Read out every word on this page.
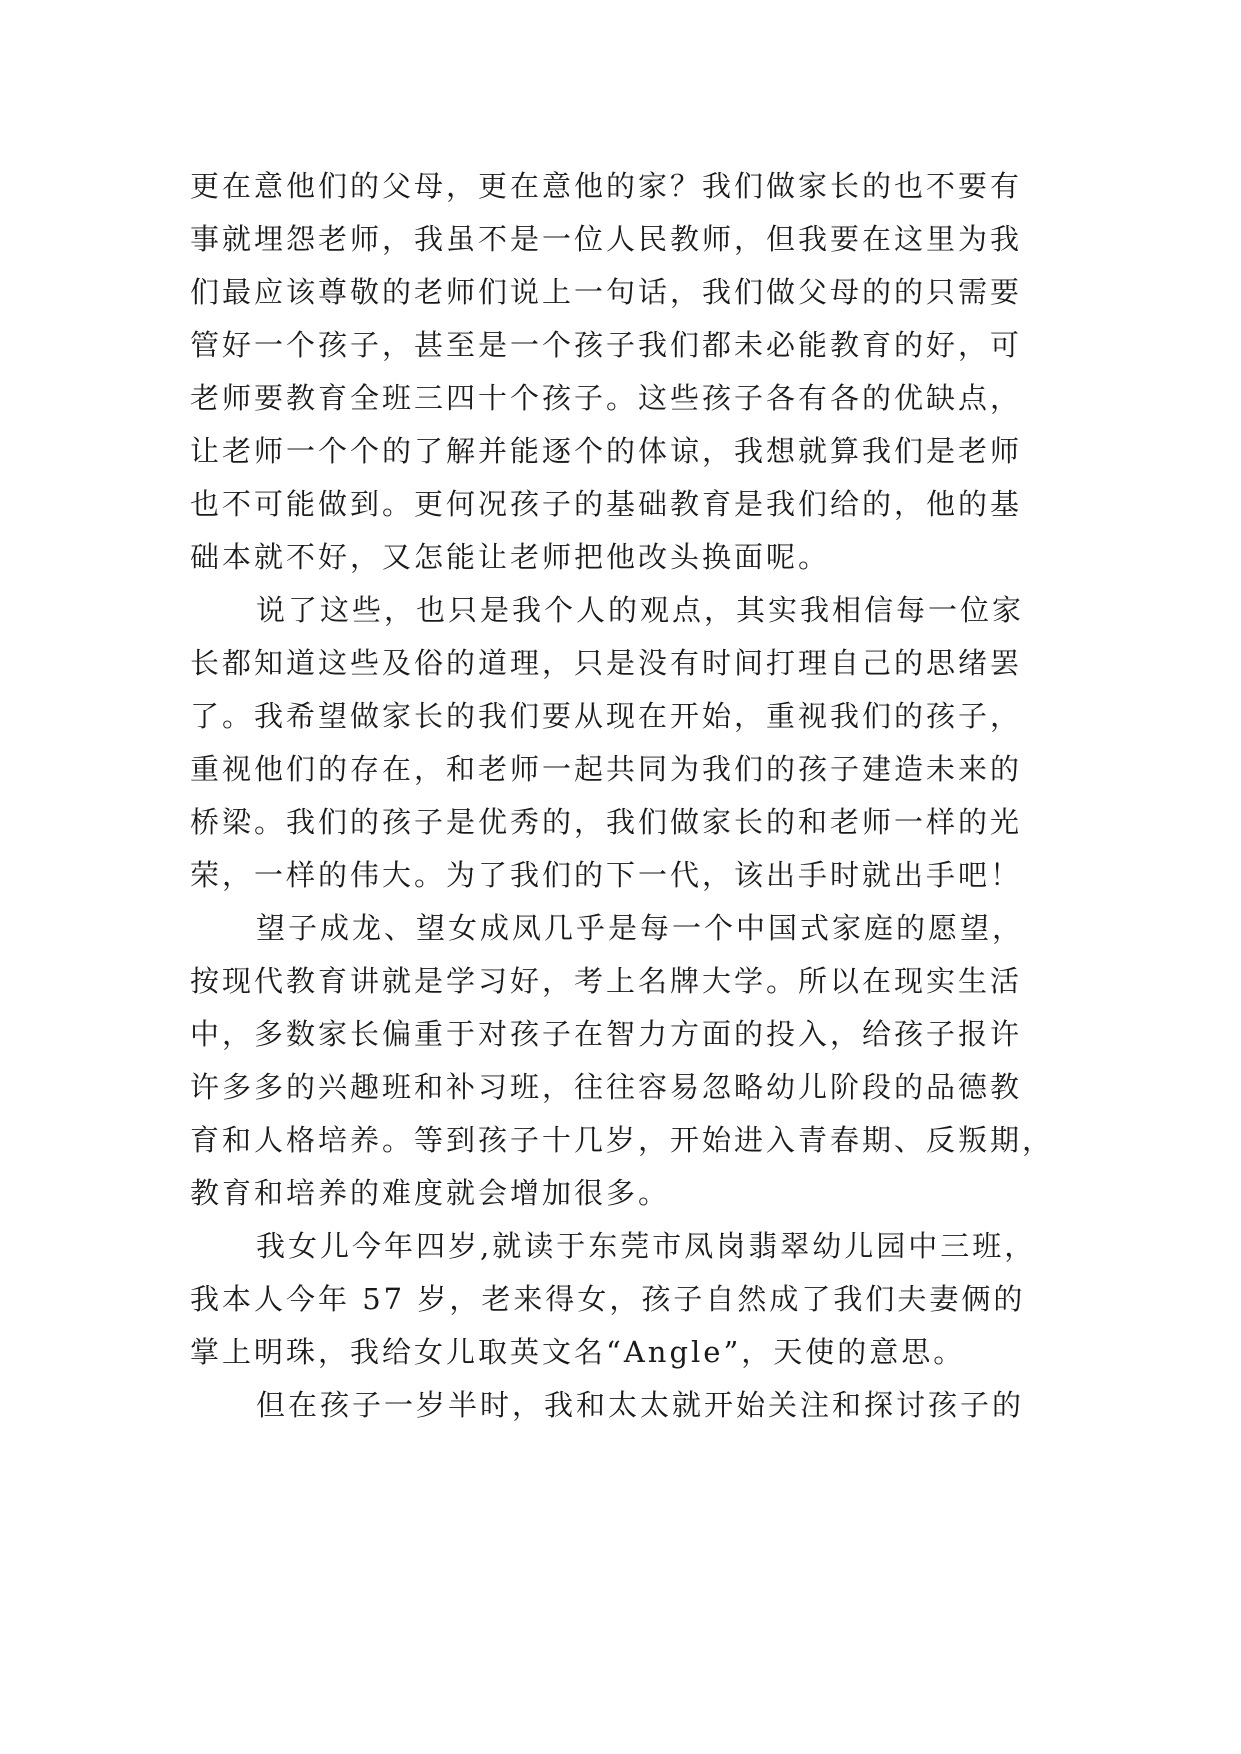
更在意他们的父母，更在意他的家？我们做家长的也不要有
事就埋怨老师，我虽不是一位人民教师，但我要在这里为我
们最应该尊敬的老师们说上一句话，我们做父母的的只需要
管好一个孩子，甚至是一个孩子我们都未必能教育的好，可
老师要教育全班三四十个孩子。这些孩子各有各的优缺点，
让老师一个个的了解并能逐个的体谅，我想就算我们是老师
也不可能做到。更何况孩子的基础教育是我们给的，他的基
础本就不好，又怎能让老师把他改头换面呢。
说了这些，也只是我个人的观点，其实我相信每一位家
长都知道这些及俗的道理，只是没有时间打理自己的思绪罢
了。我希望做家长的我们要从现在开始，重视我们的孩子，
重视他们的存在，和老师一起共同为我们的孩子建造未来的
桥梁。我们的孩子是优秀的，我们做家长的和老师一样的光
荣，一样的伟大。为了我们的下一代，该出手时就出手吧！
望子成龙、望女成凤几乎是每一个中国式家庭的愿望，
按现代教育讲就是学习好，考上名牌大学。所以在现实生活
中，多数家长偏重于对孩子在智力方面的投入，给孩子报许
许多多的兴趣班和补习班，往往容易忽略幼儿阶段的品德教
育和人格培养。等到孩子十几岁，开始进入青春期、反叛期，
教育和培养的难度就会增加很多。
我女儿今年四岁,就读于东莞市凤岗翡翠幼儿园中三班，
我本人今年 57 岁，老来得女，孩子自然成了我们夫妻俩的
掌上明珠，我给女儿取英文名“Angle”，天使的意思。
但在孩子一岁半时，我和太太就开始关注和探讨孩子的
